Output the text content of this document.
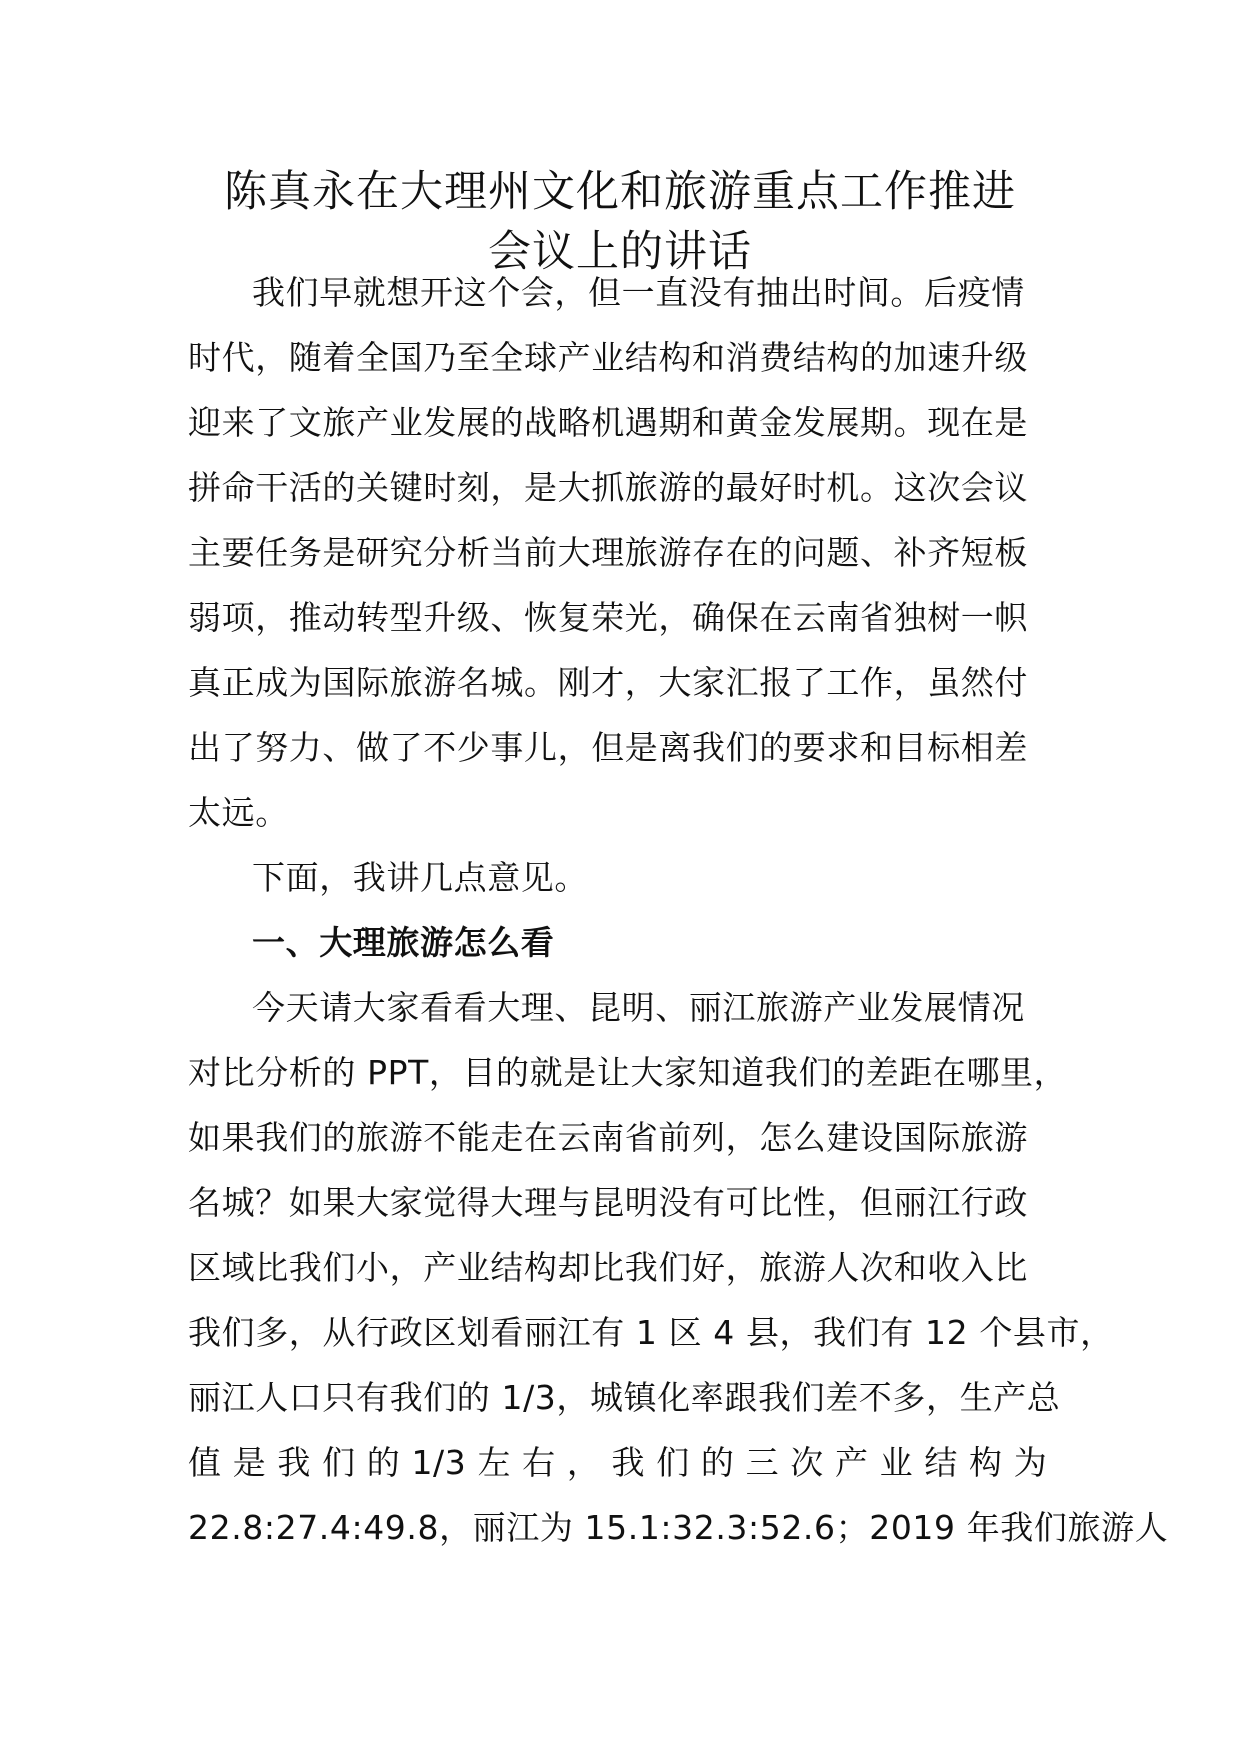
陈真永在大理州文化和旅游重点工作推进
会议上的讲话
我们早就想开这个会，但一直没有抽出时间。后疫情
时代，随着全国乃至全球产业结构和消费结构的加速升级
迎来了文旅产业发展的战略机遇期和黄金发展期。现在是
拼命干活的关键时刻，是大抓旅游的最好时机。这次会议
主要任务是研究分析当前大理旅游存在的问题、补齐短板
弱项，推动转型升级、恢复荣光，确保在云南省独树一帜
真正成为国际旅游名城。刚才，大家汇报了工作，虽然付
出了努力、做了不少事儿，但是离我们的要求和目标相差
太远。
下面，我讲几点意见。
一、大理旅游怎么看
今天请大家看看大理、昆明、丽江旅游产业发展情况
对比分析的 PPT，目的就是让大家知道我们的差距在哪里，
如果我们的旅游不能走在云南省前列，怎么建设国际旅游
名城？如果大家觉得大理与昆明没有可比性，但丽江行政
区域比我们小，产业结构却比我们好，旅游人次和收入比
我们多，从行政区划看丽江有 1 区 4 县，我们有 12 个县市，
丽江人口只有我们的 1/3，城镇化率跟我们差不多，生产总
值 是 我 们 的 1/3 左 右 ， 我 们 的 三 次 产 业 结 构 为
22.8:27.4:49.8，丽江为 15.1:32.3:52.6；2019 年我们旅游人
